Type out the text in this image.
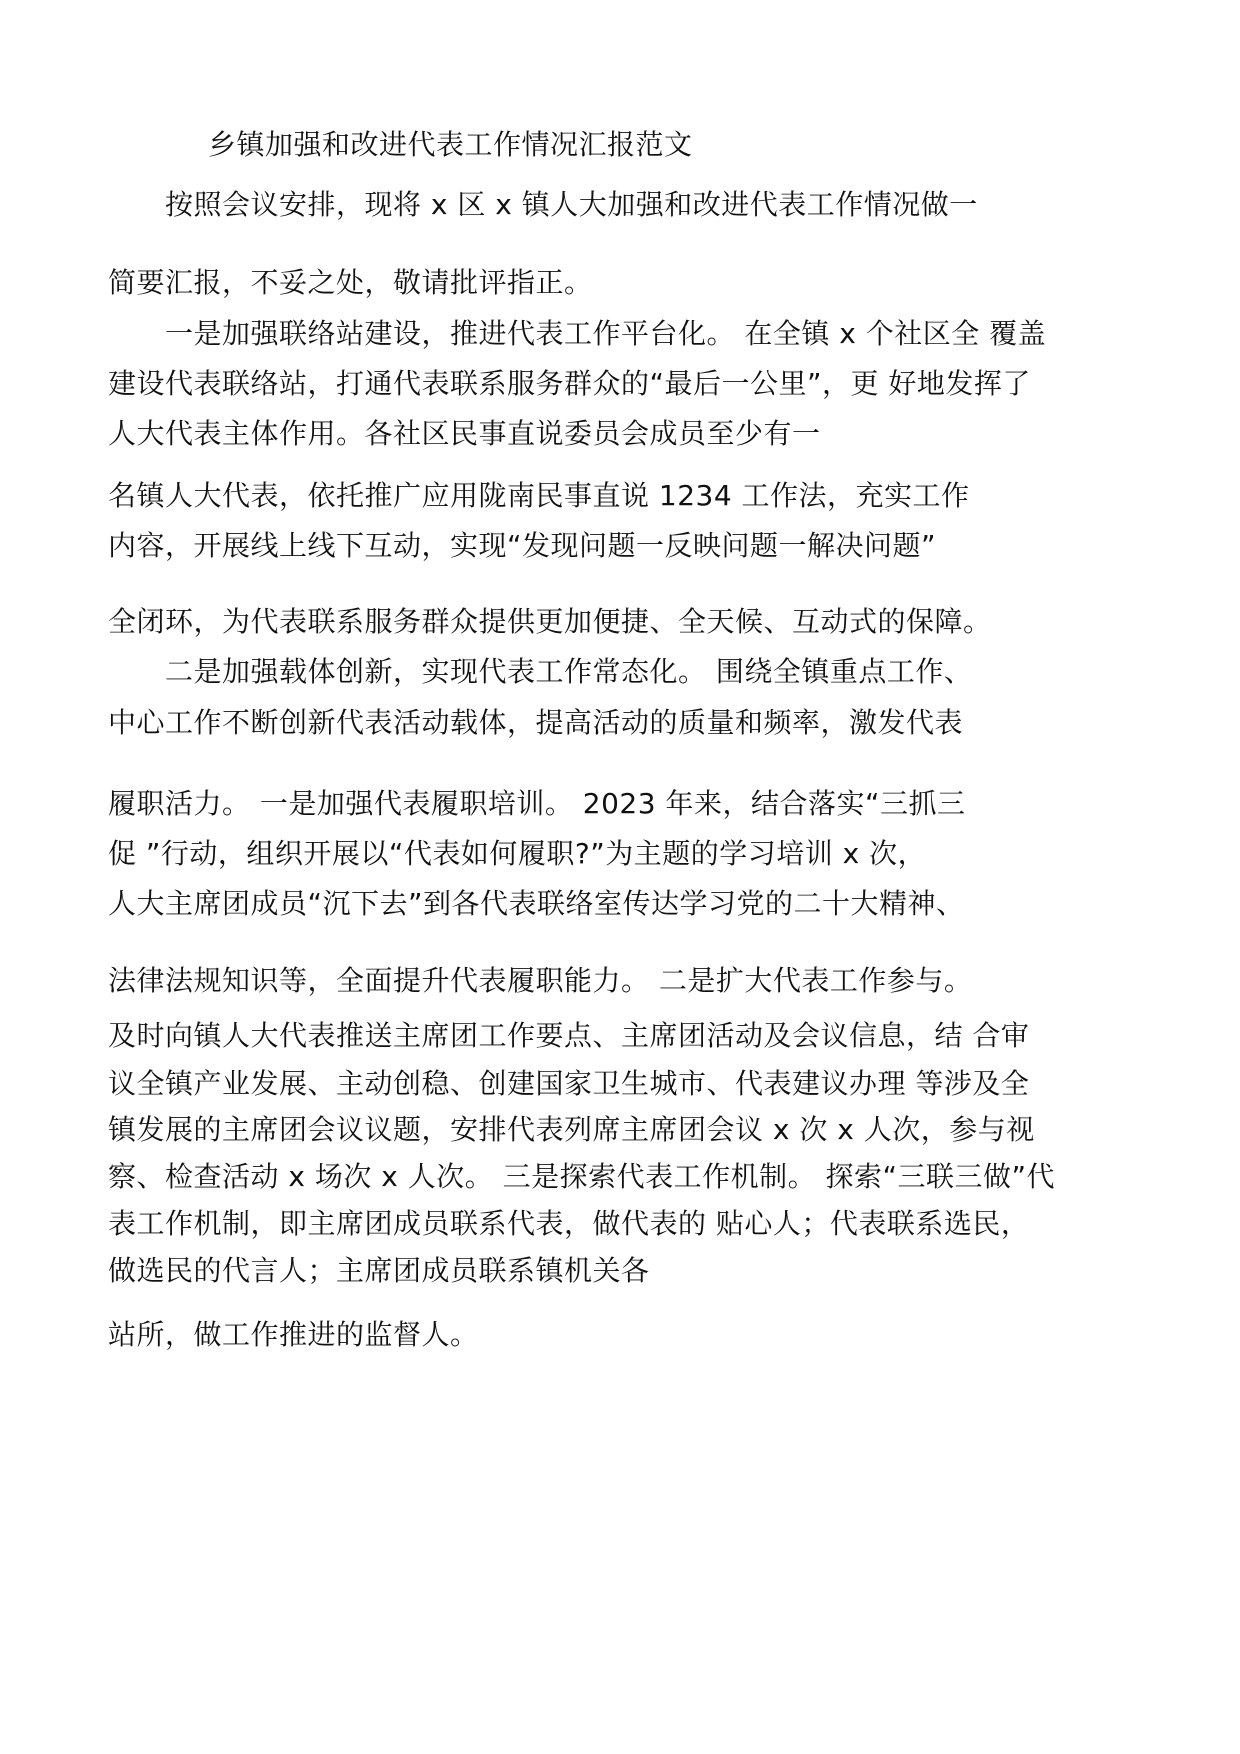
乡镇加强和改进代表工作情况汇报范文
按照会议安排，现将 x 区 x 镇人大加强和改进代表工作情况做一
简要汇报，不妥之处，敬请批评指正。
一是加强联络站建设，推进代表工作平台化。 在全镇 x 个社区全 覆盖
建设代表联络站，打通代表联系服务群众的“最后一公里”，更 好地发挥了
人大代表主体作用。各社区民事直说委员会成员至少有一
名镇人大代表，依托推广应用陇南民事直说 1234 工作法，充实工作
内容，开展线上线下互动，实现“发现问题一反映问题一解决问题”
全闭环，为代表联系服务群众提供更加便捷、全天候、互动式的保障。
二是加强载体创新，实现代表工作常态化。 围绕全镇重点工作、
中心工作不断创新代表活动载体，提高活动的质量和频率，激发代表
履职活力。 一是加强代表履职培训。 2023 年来，结合落实“三抓三
促 ”行动，组织开展以“代表如何履职?”为主题的学习培训 x 次，
人大主席团成员“沉下去”到各代表联络室传达学习党的二十大精神、
法律法规知识等，全面提升代表履职能力。 二是扩大代表工作参与。
及时向镇人大代表推送主席团工作要点、主席团活动及会议信息，结 合审
议全镇产业发展、主动创稳、创建国家卫生城市、代表建议办理 等涉及全
镇发展的主席团会议议题，安排代表列席主席团会议 x 次 x 人次，参与视
察、检查活动 x 场次 x 人次。 三是探索代表工作机制。 探索“三联三做”代
表工作机制，即主席团成员联系代表，做代表的 贴心人；代表联系选民，
做选民的代言人；主席团成员联系镇机关各
站所，做工作推进的监督人。
